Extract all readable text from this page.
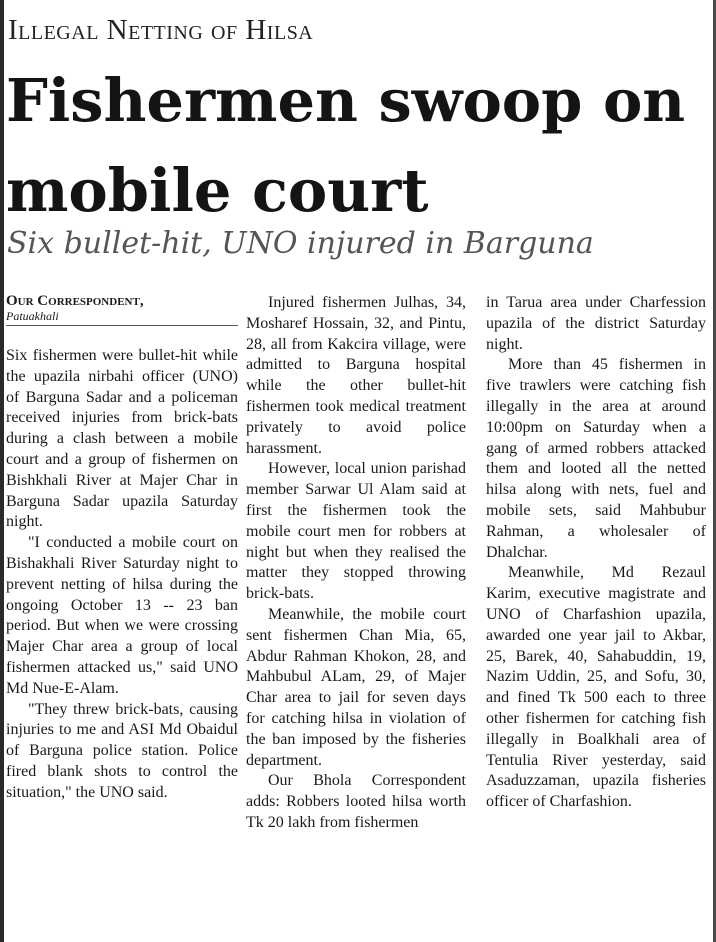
Illegal Netting of Hilsa
Fishermen swoop on mobile court
Six bullet-hit, UNO injured in Barguna
Our Correspondent,
Patuakhali

Six fishermen were bullet-hit while the upazila nirbahi officer (UNO) of Barguna Sadar and a policeman received injuries from brick-bats during a clash between a mobile court and a group of fishermen on Bishkhali River at Majer Char in Barguna Sadar upazila Saturday night.

"I conducted a mobile court on Bishakhali River Saturday night to prevent netting of hilsa during the ongoing October 13 -- 23 ban period. But when we were crossing Majer Char area a group of local fishermen attacked us," said UNO Md Nue-E-Alam.

"They threw brick-bats, causing injuries to me and ASI Md Obaidul of Barguna police station. Police fired blank shots to control the situation," the UNO said.

Injured fishermen Julhas, 34, Mosharef Hossain, 32, and Pintu, 28, all from Kakcira village, were admitted to Barguna hospital while the other bullet-hit fishermen took medical treatment privately to avoid police harassment.

However, local union parishad member Sarwar Ul Alam said at first the fishermen took the mobile court men for robbers at night but when they realised the matter they stopped throwing brick-bats.

Meanwhile, the mobile court sent fishermen Chan Mia, 65, Abdur Rahman Khokon, 28, and Mahbubul ALam, 29, of Majer Char area to jail for seven days for catching hilsa in violation of the ban imposed by the fisheries department.

Our Bhola Correspondent adds: Robbers looted hilsa worth Tk 20 lakh from fishermen

in Tarua area under Charfession upazila of the district Saturday night.

More than 45 fishermen in five trawlers were catching fish illegally in the area at around 10:00pm on Saturday when a gang of armed robbers attacked them and looted all the netted hilsa along with nets, fuel and mobile sets, said Mahbubur Rahman, a wholesaler of Dhalchar.

Meanwhile, Md Rezaul Karim, executive magistrate and UNO of Charfashion upazila, awarded one year jail to Akbar, 25, Barek, 40, Sahabuddin, 19, Nazim Uddin, 25, and Sofu, 30, and fined Tk 500 each to three other fishermen for catching fish illegally in Boalkhali area of Tentulia River yesterday, said Asaduzzaman, upazila fisheries officer of Charfashion.
